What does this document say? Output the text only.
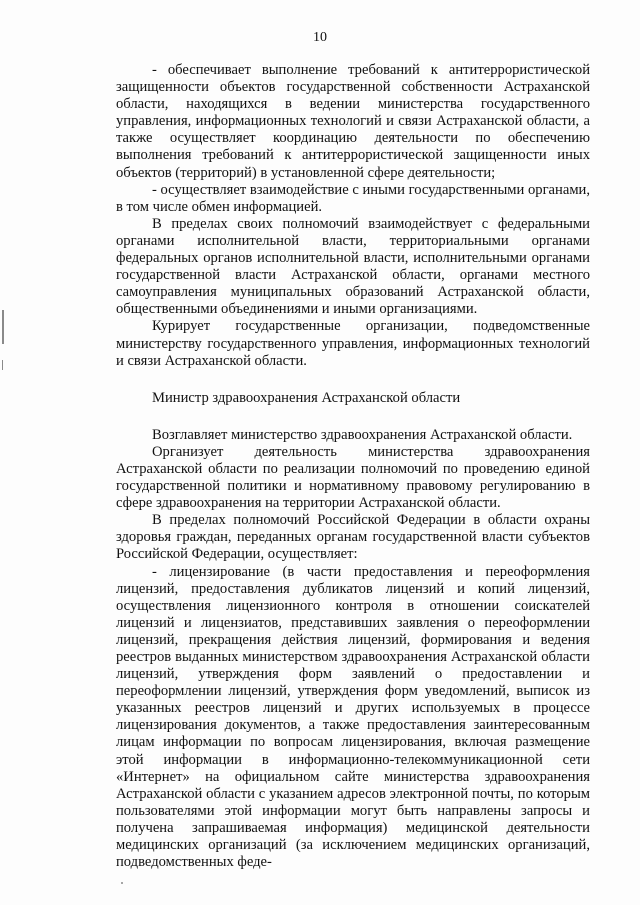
10

- обеспечивает выполнение требований к антитеррористической защищенности объектов государственной собственности Астраханской области, находящихся в ведении министерства государственного управления, информационных технологий и связи Астраханской области, а также осуществляет координацию деятельности по обеспечению выполнения требований к антитеррористической защищенности иных объектов (территорий) в установленной сфере деятельности;

- осуществляет взаимодействие с иными государственными органами, в том числе обмен информацией.

В пределах своих полномочий взаимодействует с федеральными органами исполнительной власти, территориальными органами федеральных органов исполнительной власти, исполнительными органами государственной власти Астраханской области, органами местного самоуправления муниципальных образований Астраханской области, общественными объединениями и иными организациями.

Курирует государственные организации, подведомственные министерству государственного управления, информационных технологий и связи Астраханской области.

Министр здравоохранения Астраханской области

Возглавляет министерство здравоохранения Астраханской области.

Организует деятельность министерства здравоохранения Астраханской области по реализации полномочий по проведению единой государственной политики и нормативному правовому регулированию в сфере здравоохранения на территории Астраханской области.

В пределах полномочий Российской Федерации в области охраны здоровья граждан, переданных органам государственной власти субъектов Российской Федерации, осуществляет:

- лицензирование (в части предоставления и переоформления лицензий, предоставления дубликатов лицензий и копий лицензий, осуществления лицензионного контроля в отношении соискателей лицензий и лицензиатов, представивших заявления о переоформлении лицензий, прекращения действия лицензий, формирования и ведения реестров выданных министерством здравоохранения Астраханской области лицензий, утверждения форм заявлений о предоставлении и переоформлении лицензий, утверждения форм уведомлений, выписок из указанных реестров лицензий и других используемых в процессе лицензирования документов, а также предоставления заинтересованным лицам информации по вопросам лицензирования, включая размещение этой информации в информационно-телекоммуникационной сети «Интернет» на официальном сайте министерства здравоохранения Астраханской области с указанием адресов электронной почты, по которым пользователями этой информации могут быть направлены запросы и получена запрашиваемая информация) медицинской деятельности медицинских организаций (за исключением медицинских организаций, подведомственных феде-
